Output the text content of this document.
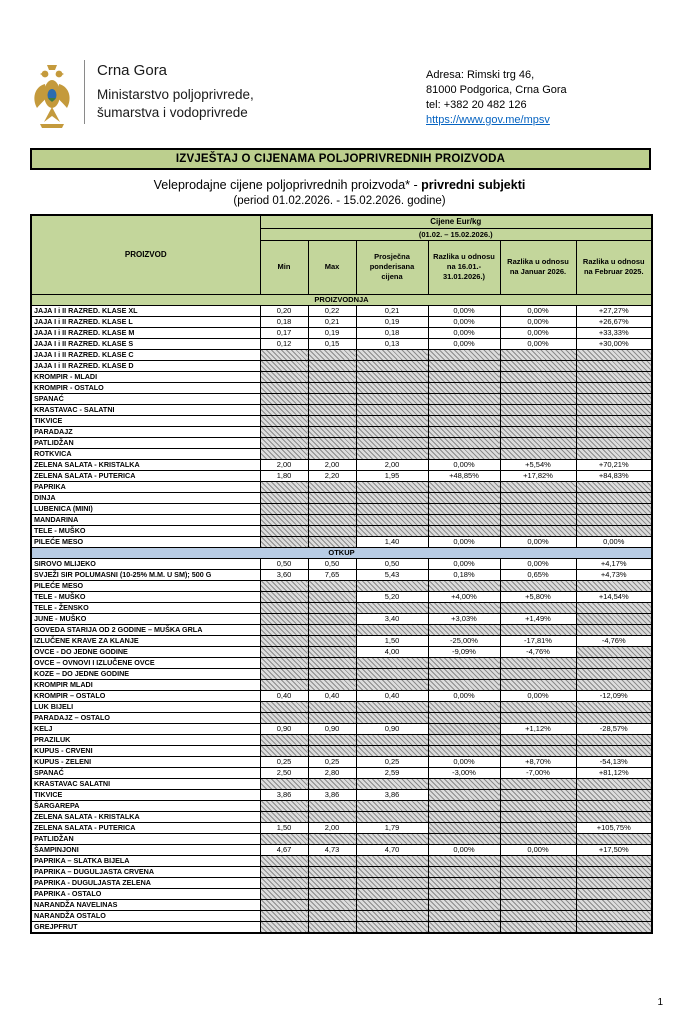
Crna Gora
Ministarstvo poljoprivrede,
šumarstva i vodoprivrede
Adresa: Rimski trg 46,
81000 Podgorica, Crna Gora
tel: +382 20 482 126
https://www.gov.me/mpsv
IZVJEŠTAJ O CIJENAMA POLJOPRIVREDNIH PROIZVODA
Veleprodajne cijene poljoprivrednih proizvoda* - privredni subjekti
(period 01.02.2026. - 15.02.2026. godine)
PROIZVOD	Cijene Eur/kg					
	(01.02. – 15.02.2026.)					
	Min	Max	Prosječna ponderisana cijena	Razlika u odnosu na 16.01.- 31.01.2026.)	Razlika u odnosu na Januar 2026.	Razlika u odnosu na Februar 2025.
PROIZVODNJA						
JAJA I i II RAZRED. KLASE XL	0,20	0,22	0,21	0,00%	0,00%	+27,27%
JAJA I i II RAZRED. KLASE L	0,18	0,21	0,19	0,00%	0,00%	+26,67%
JAJA I i II RAZRED. KLASE M	0,17	0,19	0,18	0,00%	0,00%	+33,33%
JAJA I i II RAZRED. KLASE S	0,12	0,15	0,13	0,00%	0,00%	+30,00%
JAJA I i II RAZRED. KLASE C						
JAJA I i II RAZRED. KLASE D						
KROMPIR - MLADI						
KROMPIR - OSTALO						
SPANAĆ						
KRASTAVAC - SALATNI						
TIKVICE						
PARADAJZ						
PATLIDŽAN						
ROTKVICA						
ZELENA SALATA - KRISTALKA	2,00	2,00	2,00	0,00%	+5,54%	+70,21%
ZELENA SALATA - PUTERICA	1,80	2,20	1,95	+48,85%	+17,82%	+84,83%
PAPRIKA						
DINJA						
LUBENICA (MINI)						
MANDARINA						
TELE - MUŠKO						
PILEĆE MESO			1,40	0,00%	0,00%	0,00%
OTKUP						
SIROVO MLIJEKO	0,50	0,50	0,50	0,00%	0,00%	+4,17%
SVJEŽI SIR POLUMASNI (10-25% M.M. U SM); 500 G	3,60	7,65	5,43	0,18%	0,65%	+4,73%
PILEĆE MESO						
TELE - MUŠKO			5,20	+4,00%	+5,80%	+14,54%
TELE - ŽENSKO						
JUNE - MUŠKO			3,40	+3,03%	+1,49%	
GOVEDA STARIJA OD 2 GODINE – MUŠKA GRLA						
IZLUČENE KRAVE ZA KLANJE			1,50	-25,00%	-17,81%	-4,76%
OVCE - DO JEDNE GODINE			4,00	-9,09%	-4,76%	
OVCE – OVNOVI I IZLUČENE OVCE						
KOZE – DO JEDNE GODINE						
KROMPIR MLADI						
KROMPIR – OSTALO	0,40	0,40	0,40	0,00%	0,00%	-12,09%
LUK BIJELI						
PARADAJZ – OSTALO						
KELJ	0,90	0,90	0,90		+1,12%	-28,57%
PRAZILUK						
KUPUS - CRVENI						
KUPUS - ZELENI	0,25	0,25	0,25	0,00%	+8,70%	-54,13%
SPANAĆ	2,50	2,80	2,59	-3,00%	-7,00%	+81,12%
KRASTAVAC SALATNI						
TIKVICE	3,86	3,86	3,86			
ŠARGAREPA						
ZELENA SALATA - KRISTALKA						
ZELENA SALATA - PUTERICA	1,50	2,00	1,79			+105,75%
PATLIDŽAN						
ŠAMPINJONI	4,67	4,73	4,70	0,00%	0,00%	+17,50%
PAPRIKA – SLATKA BIJELA						
PAPRIKA – DUGULJASTA CRVENA						
PAPRIKA - DUGULJASTA ZELENA						
PAPRIKA - OSTALO						
NARANDŽA NAVELINAS						
NARANDŽA OSTALO						
GREJPFRUT						
1
